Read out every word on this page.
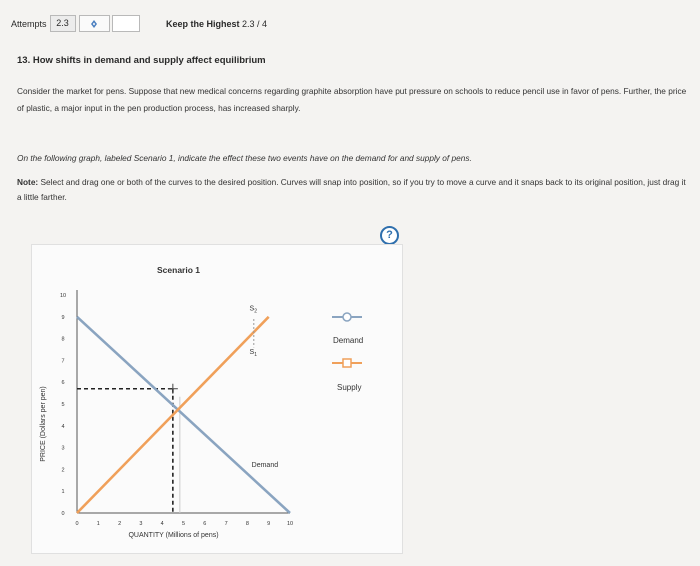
Attempts	2.3	Keep the Highest 2.3 / 4
13. How shifts in demand and supply affect equilibrium
Consider the market for pens. Suppose that new medical concerns regarding graphite absorption have put pressure on schools to reduce pencil use in favor of pens. Further, the price of plastic, a major input in the pen production process, has increased sharply.
On the following graph, labeled Scenario 1, indicate the effect these two events have on the demand for and supply of pens.
Note: Select and drag one or both of the curves to the desired position. Curves will snap into position, so if you try to move a curve and it snaps back to its original position, just drag it a little farther.
?
Scenario 1
0	1	2	3	4	5	6	7	8	9	10
0
1
2
3
4
5
6
7
8
9
10
QUANTITY (Millions of pens)
PRICE (Dollars per pen)
$S_2$
$S_1$
Demand
Demand
Supply
